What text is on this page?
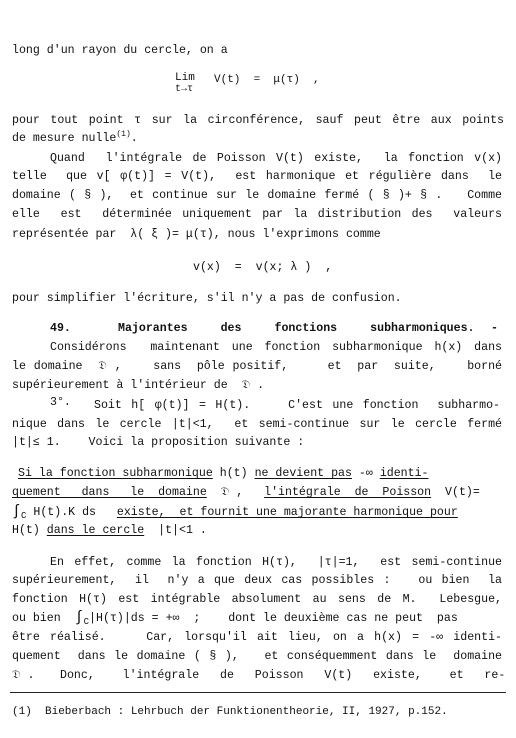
long d'un rayon du cercle, on a
Lim
t→τ
V(t)  =  μ(τ)  ,
pour tout point τ sur la circonférence, sauf peut être aux points
de mesure nulle$^{(1)}$.
Quand  l'intégrale de Poisson V(t) existe,  la fonction v(x)
telle  que v[ φ(t)] = V(t),  est harmonique et régulière dans  le
domaine ( § ),  et continue sur le domaine fermé ( § )+ § .   Comme
elle  est  déterminée uniquement par la distribution des  valeurs
représentée par  λ( ξ )= μ(τ), nous l'exprimons comme
v(x)  =  v(x; λ )  ,
pour simplifier l'écriture, s'il n'y a pas de confusion.
49.	Majorantes    des    fonctions    subharmoniques.  -
Considérons  maintenant une fonction subharmonique h(x) dans
le domaine  𝔇 ,    sans  pôle positif,     et  par  suite,    borné
supérieurement à l'intérieur de  𝔇 .
3°.	Soit h[ φ(t)] = H(t).    C'est une fonction  subharmo-
nique dans le cercle |t|<1,  et semi-continue sur le cercle fermé
|t|≤ 1.    Voici la proposition suivante :
Si la fonction subharmonique h(t) ne devient pas -∞ identi-
quement   dans   le  domaine  𝔇 ,   l'intégrale  de  Poisson  V(t)=
$\int_C$ H(t).K ds   existe,  et fournit une majorante harmonique pour
H(t) dans le cercle  |t|<1 .
En effet, comme la fonction H(τ),  |τ|=1,  est semi-continue
supérieurement,  il  n'y a que deux cas possibles :   ou bien  la
fonction H(τ) est intégrable absolument au sens de M.  Lebesgue,
ou bien  $\int_C|H(\tau)|ds$ = +∞  ;    dont le deuxième cas ne peut  pas
être réalisé.    Car, lorsqu'il ait lieu, on a h(x) = -∞ identi-
quement  dans le domaine ( § ),   et conséquemment dans le  domaine
𝔇 .	Donc,    l'intégrale   de   Poisson   V(t)   existe,    et   re-
(1)  Bieberbach : Lehrbuch der Funktionentheorie, II, 1927, p.152.
